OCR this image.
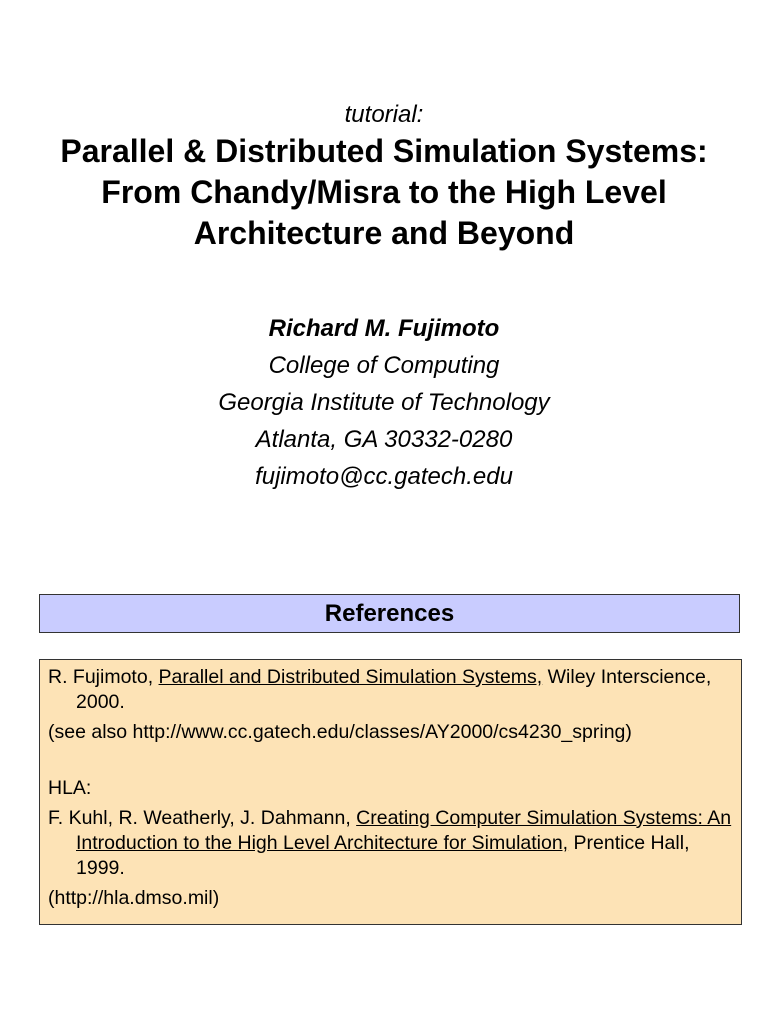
tutorial:
Parallel & Distributed Simulation Systems:
From Chandy/Misra to the High Level
Architecture and Beyond
Richard M. Fujimoto
College of Computing
Georgia Institute of Technology
Atlanta, GA 30332-0280
fujimoto@cc.gatech.edu
References

R. Fujimoto, Parallel and Distributed Simulation Systems, Wiley Interscience, 2000.

(see also http://www.cc.gatech.edu/classes/AY2000/cs4230_spring)

HLA:

F. Kuhl, R. Weatherly, J. Dahmann, Creating Computer Simulation Systems: An Introduction to the High Level Architecture for Simulation, Prentice Hall, 1999.

(http://hla.dmso.mil)
